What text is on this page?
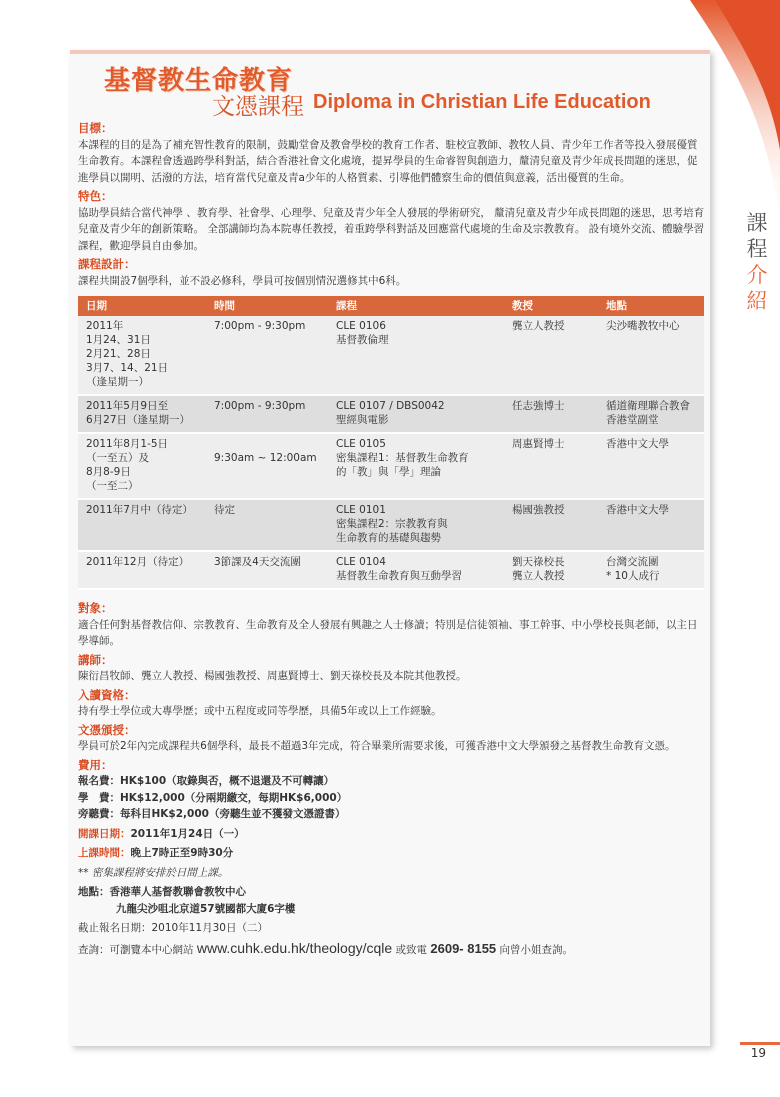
課
程
介
紹
基督教生命教育
文憑課程 Diploma in Christian Life Education
目標：

本課程的目的是為了補充智性教育的限制，鼓勵堂會及教會學校的教育工作者、駐校宣教師、教牧人員、青少年工作者等投入發展優質生命教育。本課程會透過跨學科對話，結合香港社會文化處境，提昇學員的生命睿智與創造力，釐清兒童及青少年成長問題的迷思，促進學員以開明、活潑的方法，培育當代兒童及青a少年的人格質素、引導他們體察生命的價值與意義，活出優質的生命。

特色：

協助學員結合當代神學 、教育學、社會學、心理學、兒童及青少年全人發展的學術研究， 釐清兒童及青少年成長問題的迷思，思考培育兒童及青少年的創新策略。 全部講師均為本院專任教授，着重跨學科對話及回應當代處境的生命及宗教教育。 設有境外交流、體驗學習課程，歡迎學員自由參加。

課程設計：

課程共開設7個學科，並不設必修科，學員可按個別情況選修其中6科。

日期	時間	課程	教授	地點
2011年
1月24、31日
2月21、28日
3月7、14、21日
（逢星期一）	7:00pm - 9:30pm	CLE 0106
基督教倫理	龔立人教授	尖沙嘴教牧中心
2011年5月9日至
6月27日（逢星期一）	7:00pm - 9:30pm	CLE 0107 / DBS0042
聖經與電影	任志強博士	循道衛理聯合教會
香港堂副堂
2011年8月1-5日
（一至五）及
8月8-9日
（一至二）	
9:30am ~ 12:00am	CLE 0105
密集課程1：基督教生命教育
的「教」與「學」理論	周惠賢博士	香港中文大學
2011年7月中（待定）	待定	CLE 0101
密集課程2：宗教教育與
生命教育的基礎與趨勢	楊國強教授	香港中文大學
2011年12月（待定）	3節課及4天交流團	CLE 0104
基督教生命教育與互動學習	劉天祿校長
龔立人教授	台灣交流團
* 10人成行
對象：

適合任何對基督教信仰、宗教教育、生命教育及全人發展有興趣之人士修讀；特別是信徒領袖、事工幹事、中小學校長與老師，以主日學導師。

講師：

陳衍昌牧師、龔立人教授、楊國強教授、周惠賢博士、劉天祿校長及本院其他教授。

入讀資格：

持有學士學位或大專學歷；或中五程度或同等學歷，具備5年或以上工作經驗。

文憑頒授：

學員可於2年內完成課程共6個學科，最長不超過3年完成，符合畢業所需要求後，可獲香港中文大學頒發之基督教生命教育文憑。

費用：
報名費：HK$100（取錄與否，概不退還及不可轉讓）
學　費：HK$12,000（分兩期繳交，每期HK$6,000）
旁聽費：每科目HK$2,000（旁聽生並不獲發文憑證書）
開課日期：2011年1月24日（一）
上課時間：晚上7時正至9時30分
** 密集課程將安排於日間上課。
地點：香港華人基督教聯會教牧中心
九龍尖沙咀北京道57號國都大廈6字樓
截止報名日期：2010年11月30日（二）
查詢：可瀏覽本中心網站 www.cuhk.edu.hk/theology/cqle 或致電 2609- 8155 向曾小姐查詢。
19
